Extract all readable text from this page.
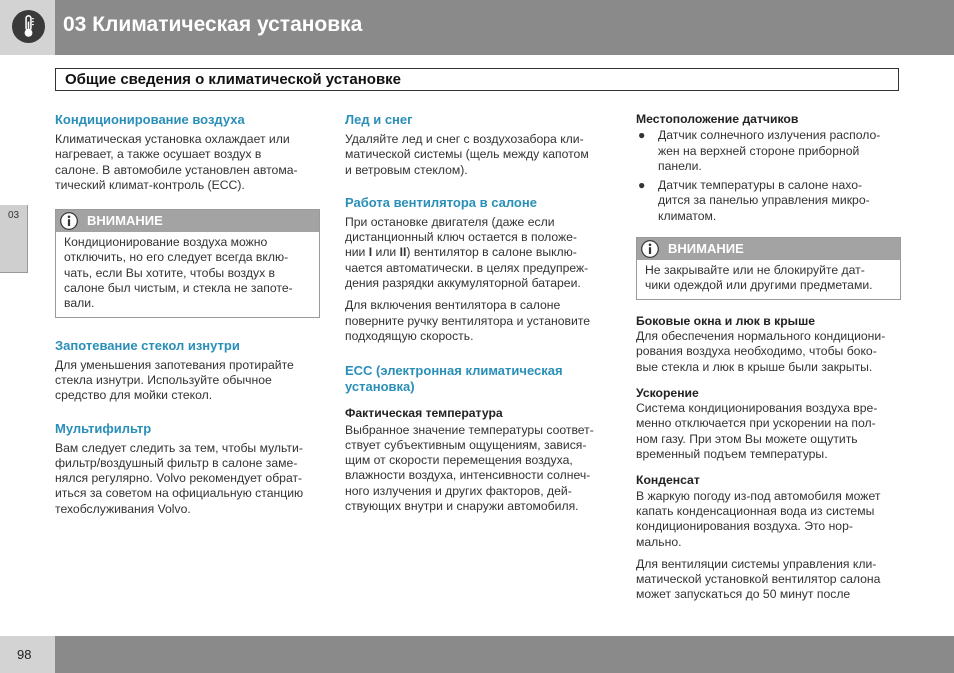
03 Климатическая установка
Общие сведения о климатической установке
03
Кондиционирование воздуха
Климатическая установка охлаждает или
нагревает, а также осушает воздух в
салоне. В автомобиле установлен автома-
тический климат-контроль (ECC).
ВНИМАНИЕ
Кондиционирование воздуха можно
отключить, но его следует всегда вклю-
чать, если Вы хотите, чтобы воздух в
салоне был чистым, и стекла не запоте-
вали.
Запотевание стекол изнутри
Для уменьшения запотевания протирайте
стекла изнутри. Используйте обычное
средство для мойки стекол.
Мультифильтр
Вам следует следить за тем, чтобы мульти-
фильтр/воздушный фильтр в салоне заме-
нялся регулярно. Volvo рекомендует обрат-
иться за советом на официальную станцию
техобслуживания Volvo.
Лед и снег
Удаляйте лед и снег с воздухозабора кли-
матической системы (щель между капотом
и ветровым стеклом).
Работа вентилятора в салоне
При остановке двигателя (даже если
дистанционный ключ остается в положе-
нии I или II) вентилятор в салоне выклю-
чается автоматически. в целях предупреж-
дения разрядки аккумуляторной батареи.
Для включения вентилятора в салоне
поверните ручку вентилятора и установите
подходящую скорость.
ECC (электронная климатическая
установка)
Фактическая температура
Выбранное значение температуры соответ-
ствует субъективным ощущениям, завися-
щим от скорости перемещения воздуха,
влажности воздуха, интенсивности солнеч-
ного излучения и других факторов, дей-
ствующих внутри и снаружи автомобиля.
Местоположение датчиков
● Датчик солнечного излучения располо-
жен на верхней стороне приборной
панели.
● Датчик температуры в салоне нахо-
дится за панелью управления микро-
климатом.
ВНИМАНИЕ
Не закрывайте или не блокируйте дат-
чики одеждой или другими предметами.
Боковые окна и люк в крыше
Для обеспечения нормального кондициони-
рования воздуха необходимо, чтобы боко-
вые стекла и люк в крыше были закрыты.
Ускорение
Система кондиционирования воздуха вре-
менно отключается при ускорении на пол-
ном газу. При этом Вы можете ощутить
временный подъем температуры.
Конденсат
В жаркую погоду из-под автомобиля может
капать конденсационная вода из системы
кондиционирования воздуха. Это нор-
мально.
Для вентиляции системы управления кли-
матической установкой вентилятор салона
может запускаться до 50 минут после
98
